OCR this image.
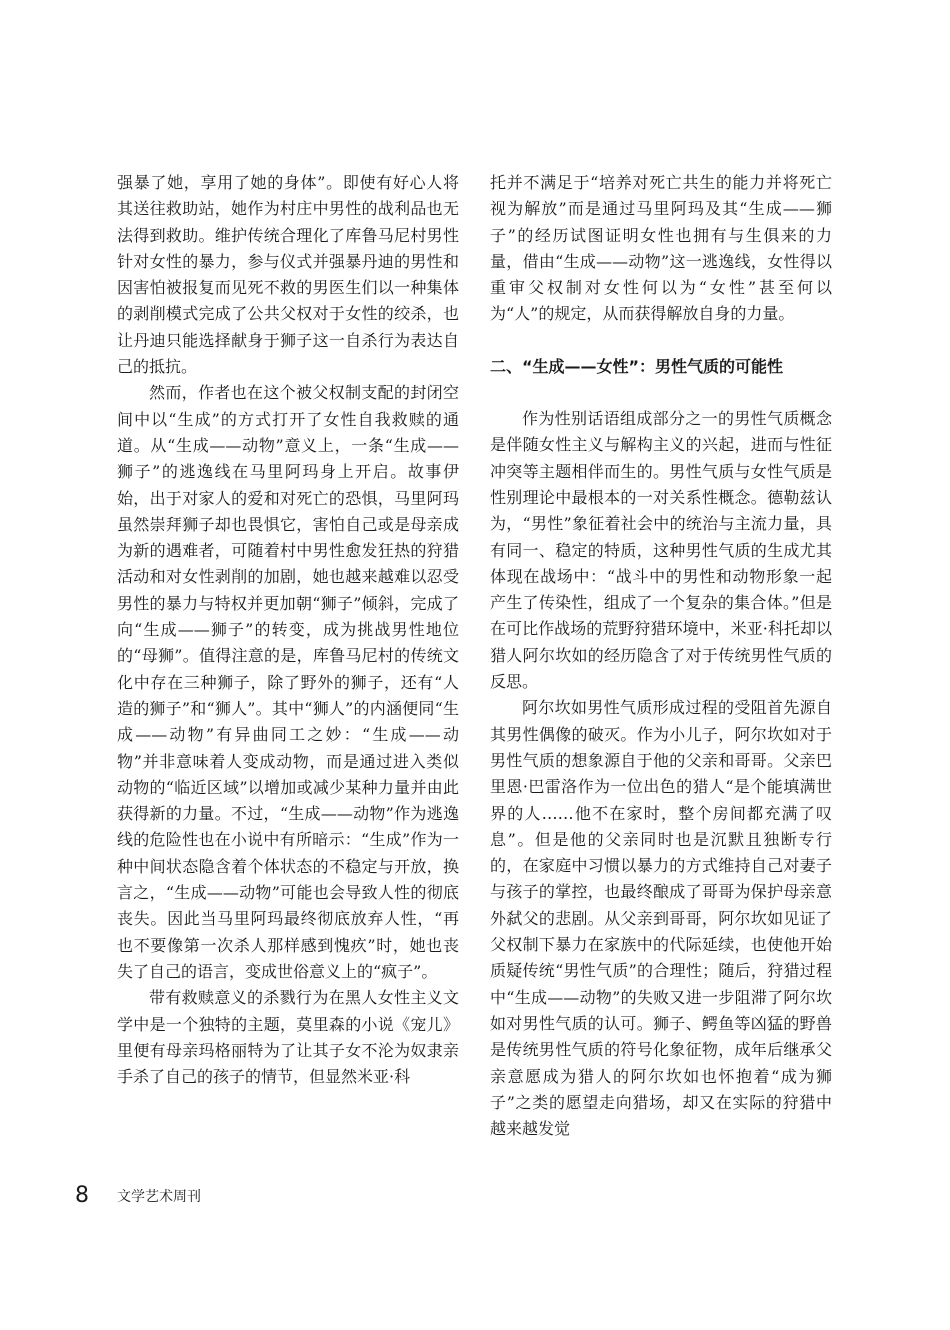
强暴了她，享用了她的身体”。即使有好心人将其送往救助站，她作为村庄中男性的战利品也无法得到救助。维护传统合理化了库鲁马尼村男性针对女性的暴力，参与仪式并强暴丹迪的男性和因害怕被报复而见死不救的男医生们以一种集体的剥削模式完成了公共父权对于女性的绞杀，也让丹迪只能选择献身于狮子这一自杀行为表达自己的抵抗。

然而，作者也在这个被父权制支配的封闭空间中以“生成”的方式打开了女性自我救赎的通道。从“生成——动物”意义上，一条“生成——狮子”的逃逸线在马里阿玛身上开启。故事伊始，出于对家人的爱和对死亡的恐惧，马里阿玛虽然崇拜狮子却也畏惧它，害怕自己或是母亲成为新的遇难者，可随着村中男性愈发狂热的狩猎活动和对女性剥削的加剧，她也越来越难以忍受男性的暴力与特权并更加朝“狮子”倾斜，完成了向“生成——狮子”的转变，成为挑战男性地位的“母狮”。值得注意的是，库鲁马尼村的传统文化中存在三种狮子，除了野外的狮子，还有“人造的狮子”和“狮人”。其中“狮人”的内涵便同“生成——动物”有异曲同工之妙：“生成——动物”并非意味着人变成动物，而是通过进入类似动物的“临近区域”以增加或减少某种力量并由此获得新的力量。不过，“生成——动物”作为逃逸线的危险性也在小说中有所暗示：“生成”作为一种中间状态隐含着个体状态的不稳定与开放，换言之，“生成——动物”可能也会导致人性的彻底丧失。因此当马里阿玛最终彻底放弃人性，“再也不要像第一次杀人那样感到愧疚”时，她也丧失了自己的语言，变成世俗意义上的“疯子”。

带有救赎意义的杀戮行为在黑人女性主义文学中是一个独特的主题，莫里森的小说《宠儿》里便有母亲玛格丽特为了让其子女不沦为奴隶亲手杀了自己的孩子的情节，但显然米亚·科

托并不满足于“培养对死亡共生的能力并将死亡视为解放”而是通过马里阿玛及其“生成——狮子”的经历试图证明女性也拥有与生俱来的力量，借由“生成——动物”这一逃逸线，女性得以重审父权制对女性何以为“女性”甚至何以为“人”的规定，从而获得解放自身的力量。

二、“生成——女性”：男性气质的可能性

作为性别话语组成部分之一的男性气质概念是伴随女性主义与解构主义的兴起，进而与性征冲突等主题相伴而生的。男性气质与女性气质是性别理论中最根本的一对关系性概念。德勒兹认为，“男性”象征着社会中的统治与主流力量，具有同一、稳定的特质，这种男性气质的生成尤其体现在战场中：“战斗中的男性和动物形象一起产生了传染性，组成了一个复杂的集合体。”但是在可比作战场的荒野狩猎环境中，米亚·科托却以猎人阿尔坎如的经历隐含了对于传统男性气质的反思。

阿尔坎如男性气质形成过程的受阻首先源自其男性偶像的破灭。作为小儿子，阿尔坎如对于男性气质的想象源自于他的父亲和哥哥。父亲巴里恩·巴雷洛作为一位出色的猎人“是个能填满世界的人……他不在家时，整个房间都充满了叹息”。但是他的父亲同时也是沉默且独断专行的，在家庭中习惯以暴力的方式维持自己对妻子与孩子的掌控，也最终酿成了哥哥为保护母亲意外弑父的悲剧。从父亲到哥哥，阿尔坎如见证了父权制下暴力在家族中的代际延续，也使他开始质疑传统“男性气质”的合理性；随后，狩猎过程中“生成——动物”的失败又进一步阻滞了阿尔坎如对男性气质的认可。狮子、鳄鱼等凶猛的野兽是传统男性气质的符号化象征物，成年后继承父亲意愿成为猎人的阿尔坎如也怀抱着“成为狮子”之类的愿望走向猎场，却又在实际的狩猎中越来越发觉

8 文学艺术周刊
